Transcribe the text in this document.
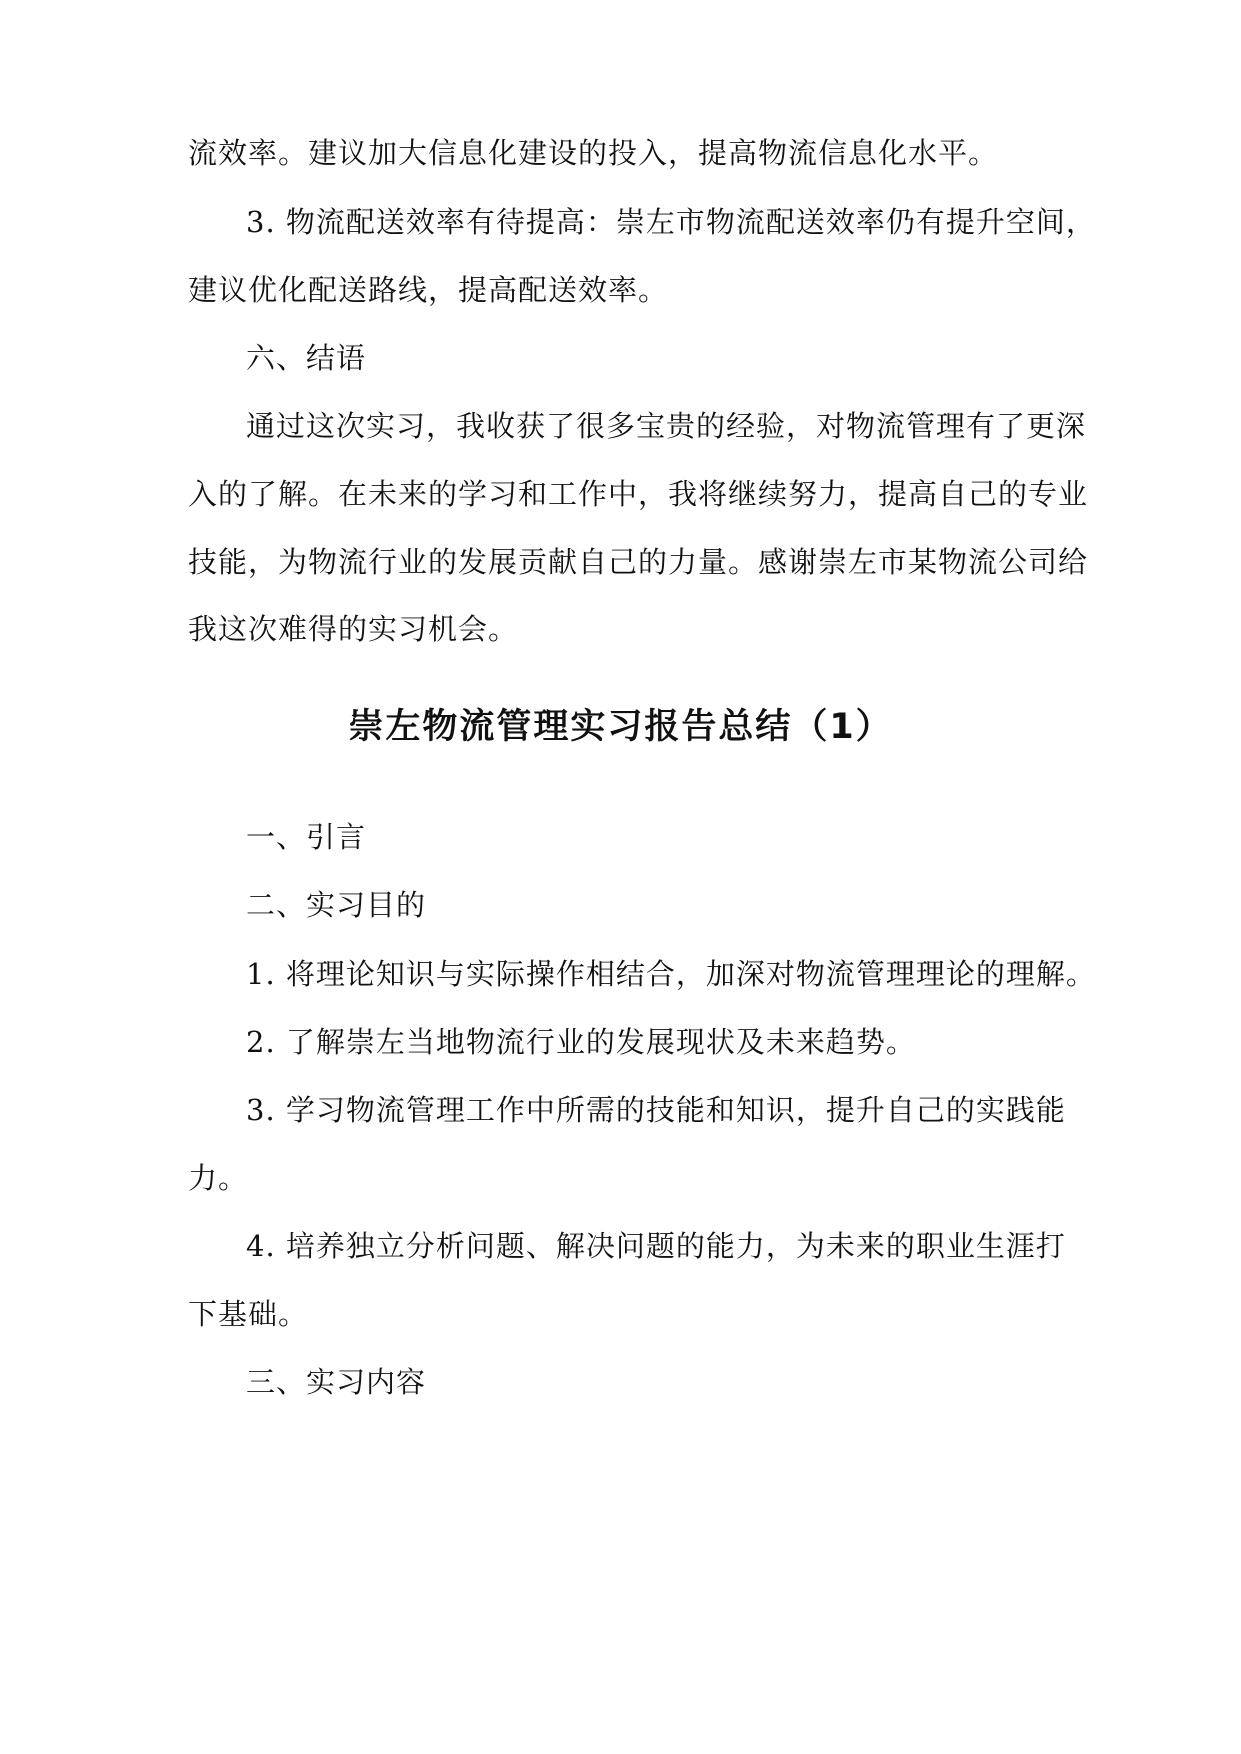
流效率。建议加大信息化建设的投入，提高物流信息化水平。
3. 物流配送效率有待提高：崇左市物流配送效率仍有提升空间，
建议优化配送路线，提高配送效率。
六、结语
通过这次实习，我收获了很多宝贵的经验，对物流管理有了更深
入的了解。在未来的学习和工作中，我将继续努力，提高自己的专业
技能，为物流行业的发展贡献自己的力量。感谢崇左市某物流公司给
我这次难得的实习机会。
崇左物流管理实习报告总结（1）
一、引言
二、实习目的
1. 将理论知识与实际操作相结合，加深对物流管理理论的理解。
2. 了解崇左当地物流行业的发展现状及未来趋势。
3. 学习物流管理工作中所需的技能和知识，提升自己的实践能
力。
4. 培养独立分析问题、解决问题的能力，为未来的职业生涯打
下基础。
三、实习内容
